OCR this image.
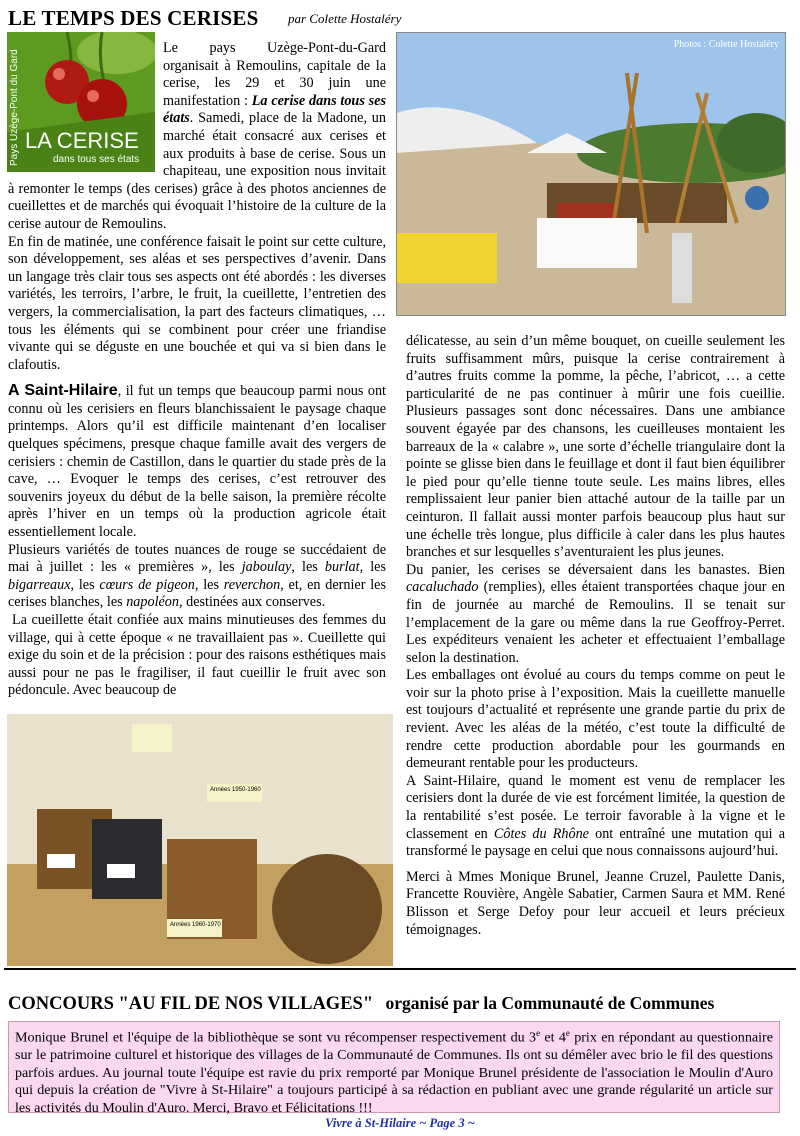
LE TEMPS DES CERISES par Colette Hostaléry
Pays Uzège-Pont du Gard LA CERISE
dans tous ses états

Le pays Uzège-Pont-du-Gard organisait à Remoulins, capitale de la cerise, les 29 et 30 juin une manifestation : La cerise dans tous ses états. Samedi, place de la Madone, un marché était consacré aux cerises et aux produits à base de cerise. Sous un chapiteau, une exposition nous invitait à remonter le temps (des cerises) grâce à des photos anciennes de cueillettes et de marchés qui évoquait l’histoire de la culture de la cerise autour de Remoulins.

En fin de matinée, une conférence faisait le point sur cette culture, son développement, ses aléas et ses perspectives d’avenir. Dans un langage très clair tous ses aspects ont été abordés : les diverses variétés, les terroirs, l’arbre, le fruit, la cueillette, l’entretien des vergers, la commercialisation, la part des facteurs climatiques, … tous les éléments qui se combinent pour créer une friandise vivante qui se déguste en une bouchée et qui va si bien dans le clafoutis.

A Saint-Hilaire, il fut un temps que beaucoup parmi nous ont connu où les cerisiers en fleurs blanchissaient le paysage chaque printemps. Alors qu’il est difficile maintenant d’en localiser quelques spécimens, presque chaque famille avait des vergers de cerisiers : chemin de Castillon, dans le quartier du stade près de la cave, … Evoquer le temps des cerises, c’est retrouver des souvenirs joyeux du début de la belle saison, la première récolte après l’hiver en un temps où la production agricole était essentiellement locale.

Plusieurs variétés de toutes nuances de rouge se succédaient de mai à juillet : les « premières », les jaboulay, les burlat, les bigarreaux, les cœurs de pigeon, les reverchon, et, en dernier les cerises blanches, les napoléon, destinées aux conserves.

La cueillette était confiée aux mains minutieuses des femmes du village, qui à cette époque « ne travaillaient pas ». Cueillette qui exige du soin et de la précision : pour des raisons esthétiques mais aussi pour ne pas le fragiliser, il faut cueillir le fruit avec son pédoncule. Avec beaucoup de

Photos : Colette Hostaléry

délicatesse, au sein d’un même bouquet, on cueille seulement les fruits suffisamment mûrs, puisque la cerise contrairement à d’autres fruits comme la pomme, la pêche, l’abricot, … a cette particularité de ne pas continuer à mûrir une fois cueillie. Plusieurs passages sont donc nécessaires. Dans une ambiance souvent égayée par des chansons, les cueilleuses montaient les barreaux de la « calabre », une sorte d’échelle triangulaire dont la pointe se glisse bien dans le feuillage et dont il faut bien équilibrer le pied pour qu’elle tienne toute seule. Les mains libres, elles remplissaient leur panier bien attaché autour de la taille par un ceinturon. Il fallait aussi monter parfois beaucoup plus haut sur une échelle très longue, plus difficile à caler dans les plus hautes branches et sur lesquelles s’aventuraient les plus jeunes.

Du panier, les cerises se déversaient dans les banastes. Bien cacaluchado (remplies), elles étaient transportées chaque jour en fin de journée au marché de Remoulins. Il se tenait sur l’emplacement de la gare ou même dans la rue Geoffroy-Perret. Les expéditeurs venaient les acheter et effectuaient l’emballage selon la destination.

Les emballages ont évolué au cours du temps comme on peut le voir sur la photo prise à l’exposition. Mais la cueillette manuelle est toujours d’actualité et représente une grande partie du prix de revient. Avec les aléas de la météo, c’est toute la difficulté de rendre cette production abordable pour les gourmands en demeurant rentable pour les producteurs.

A Saint-Hilaire, quand le moment est venu de remplacer les cerisiers dont la durée de vie est forcément limitée, la question de la rentabilité s’est posée. Le terroir favorable à la vigne et le classement en Côtes du Rhône ont entraîné une mutation qui a transformé le paysage en celui que nous connaissons aujourd’hui.

Merci à Mmes Monique Brunel, Jeanne Cruzel, Paulette Danis, Francette Rouvière, Angèle Sabatier, Carmen Saura et MM. René Blisson et Serge Defoy pour leur accueil et leurs précieux témoignages.

Années 1950-1960
Années 1960-1970
CONCOURS "AU FIL DE NOS VILLAGES" organisé par la Communauté de Communes

Monique Brunel et l'équipe de la bibliothèque se sont vu récompenser respectivement du 3e et 4e prix en répondant au questionnaire sur le patrimoine culturel et historique des villages de la Communauté de Communes. Ils ont su démêler avec brio le fil des questions parfois ardues. Au journal toute l'équipe est ravie du prix remporté par Monique Brunel présidente de l'association le Moulin d'Auro qui depuis la création de "Vivre à St-Hilaire" a toujours participé à sa rédaction en publiant avec une grande régularité un article sur les activités du Moulin d'Auro. Merci, Bravo et Félicitations !!!

Vivre à St-Hilaire ~ Page 3 ~
